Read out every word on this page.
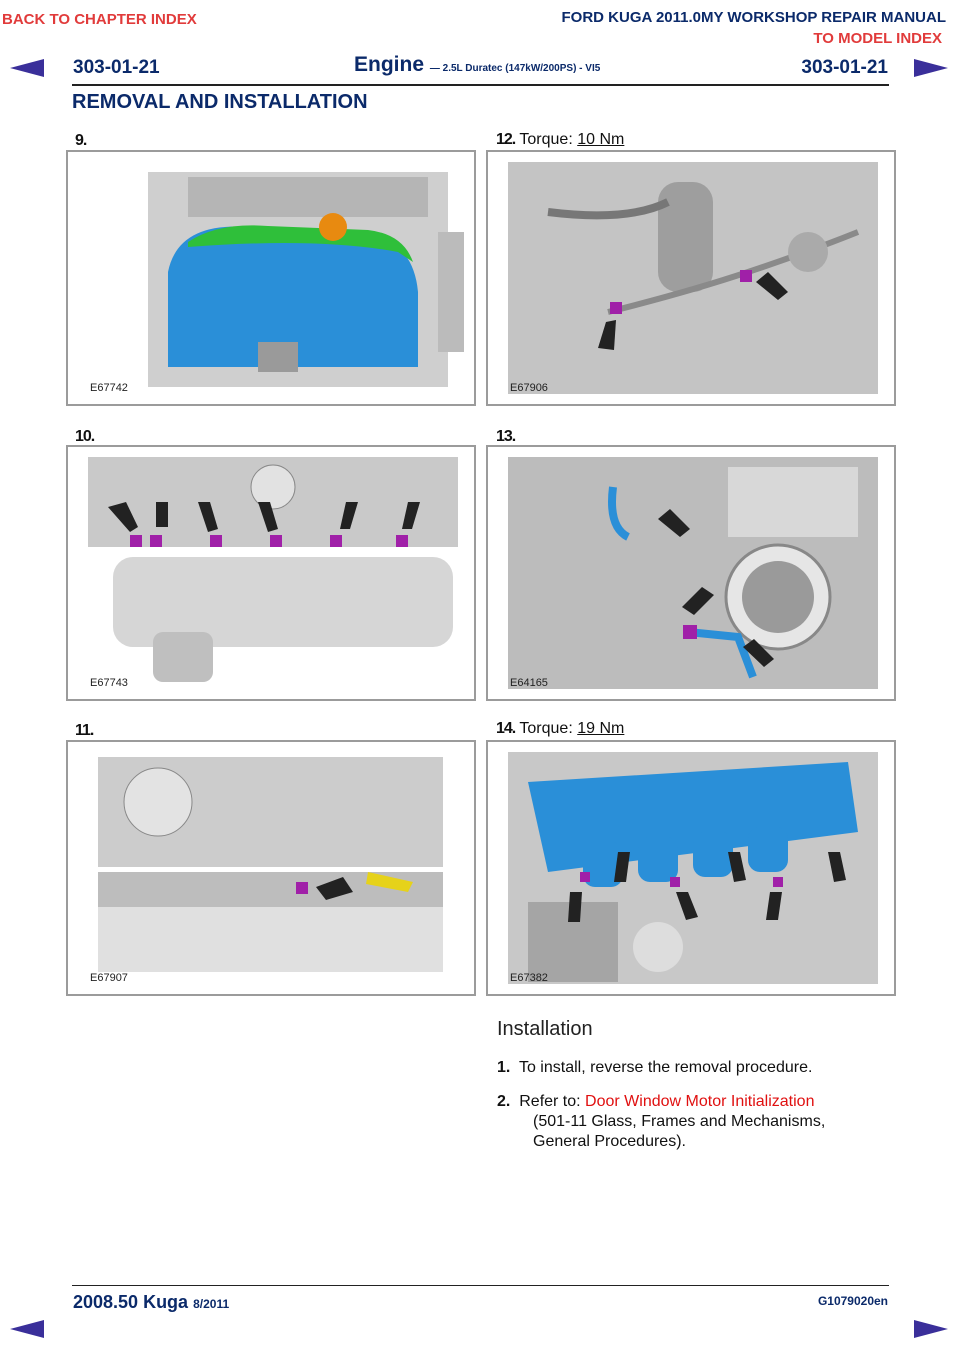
BACK TO CHAPTER INDEX	FORD KUGA 2011.0MY WORKSHOP REPAIR MANUAL
TO MODEL INDEX
303-01-21	Engine — 2.5L Duratec (147kW/200PS) - VI5	303-01-21
REMOVAL AND INSTALLATION
9.
E67742
10.
E67743
11.
E67907
12. Torque: 10 Nm
E67906
13.
E64165
14. Torque: 19 Nm
E67382
Installation
1. To install, reverse the removal procedure.
2. Refer to: Door Window Motor Initialization
(501-11 Glass, Frames and Mechanisms, General Procedures).
2008.50 Kuga 8/2011	G1079020en
